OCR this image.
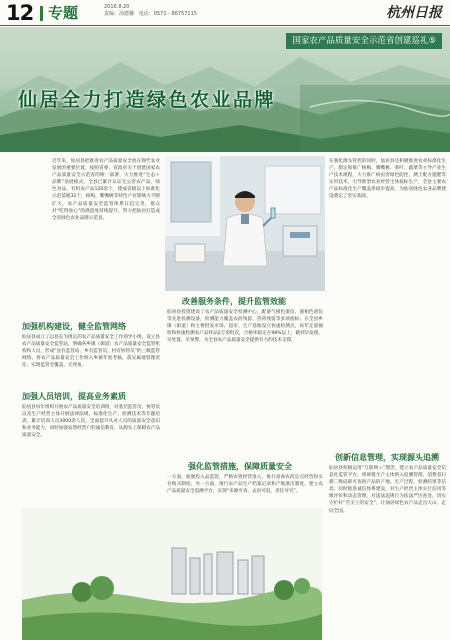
12 专题	2016.8.20
责编：汤德馨 电话：0571－86757115	杭州日报
国家农产品质量安全示范省创建巡礼⑤
仙居全力打造绿色农业品牌
近年来，仙居县把推进农产品质量安全放在现代农业发展的重要位置，按照省委、省政府关于创建国家农产品质量安全示范省的统一部署，大力推进“生态＋品牌”发展模式，全县已累计认证无公害农产品、绿色食品、有机农产品120余个，建成省级以上标准化示范基地31个，杨梅、鹰嘴桃等特色产业影响力不断扩大，农产品质量安全监管体系日趋完善，群众对“吃得放心”的满意度持续提升，努力把仙居打造成全省绿色农业品牌示范县。
加强机构建设，健全监管网络
仙居县成立了以县长为组长的农产品质量安全工作领导小组，设立县农产品质量安全监管站，明确各乡镇（街道）农产品质量安全监管机构和人员，形成“县有监管站、乡有监管员、村有协管员”的三级监管网络，将农产品质量安全工作纳入乡镇年度考核，落实属地管理责任，实现监管全覆盖、无死角。
加强人员培训，提高业务素质
仙居县每年组织开展农产品质量安全培训班，对基层监管员、协管员以及生产经营主体开展法律法规、标准化生产、检测技术等专题培训，累计培训人员3000余人次，全面提升从业人员的质量安全意识和业务能力，同时加强农资经营户的诚信教育，从源头上保障农产品质量安全。
改善服务条件，提升监管效能
仙居县投资建设了农产品质量安全检测中心，配备气相色谱仪、液相色谱仪等先进检测设备，检测能力覆盖农药残留、兽药残留等多项指标；在全县乡镇（街道）和主要批发市场、超市、生产基地设立快速检测点，每年定量抽检和快速检测农产品样品2万余批次，合格率稳定在98%以上，做到早发现、早处置、早预警，为全县农产品质量安全提供有力的技术支撑。
强化监管措施，保障质量安全
一方面，加强投入品监管，严格农资经营准入，推行高毒农药定点经营和实名购买制度；另一方面，推行农产品生产档案记录和产地准出制度，建立农产品质量安全追溯平台，实现“来源可查、去向可追、责任可究”。
在强化源头管控的同时，仙居县还积极推进农业标准化生产，制定和推广杨梅、鹰嘴桃、茶叶、蔬菜等主导产业生产技术规程，大力推广病虫害绿色防控、测土配方施肥等实用技术，引导新型农业经营主体按标生产，全县主要农产品标准化生产覆盖率稳步提高，为仙居绿色农业品牌建设奠定了坚实基础。
创新信息管理，实现源头追溯
仙居县积极运用“互联网＋”理念，建立农产品质量安全信息化监管平台，将规模生产主体纳入追溯管理，消费者扫描二维码即可查询产品的产地、生产过程、检测结果等信息；同时推进诚信体系建设，对生产经营主体实行信用等级评价和动态管理，对违法违规行为依法严厉查处，切实守护好“舌尖上的安全”，让仙居绿色农产品走出大山、走向全国。
